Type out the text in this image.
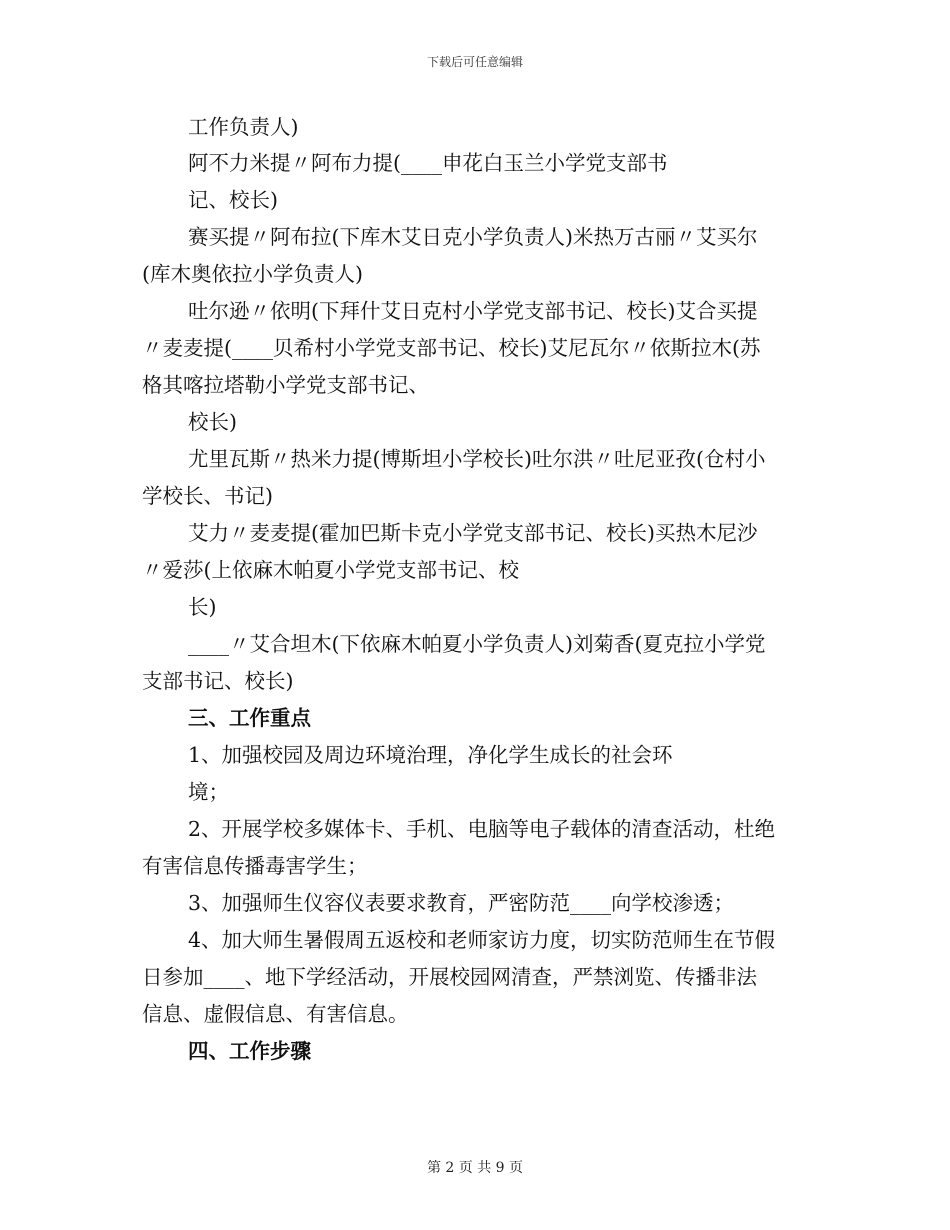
下载后可任意编辑
工作负责人)
阿不力米提〃阿布力提(____申花白玉兰小学党支部书
记、校长)
赛买提〃阿布拉(下库木艾日克小学负责人)米热万古丽〃艾买尔
(库木奥依拉小学负责人)
吐尔逊〃依明(下拜什艾日克村小学党支部书记、校长)艾合买提
〃麦麦提(____贝希村小学党支部书记、校长)艾尼瓦尔〃依斯拉木(苏
格其喀拉塔勒小学党支部书记、
校长)
尤里瓦斯〃热米力提(博斯坦小学校长)吐尔洪〃吐尼亚孜(仓村小
学校长、书记)
艾力〃麦麦提(霍加巴斯卡克小学党支部书记、校长)买热木尼沙
〃爱莎(上依麻木帕夏小学党支部书记、校
长)
____〃艾合坦木(下依麻木帕夏小学负责人)刘菊香(夏克拉小学党
支部书记、校长)
三、工作重点
1、加强校园及周边环境治理，净化学生成长的社会环
境；
2、开展学校多媒体卡、手机、电脑等电子载体的清查活动，杜绝
有害信息传播毒害学生；
3、加强师生仪容仪表要求教育，严密防范____向学校渗透；
4、加大师生暑假周五返校和老师家访力度，切实防范师生在节假
日参加____、地下学经活动，开展校园网清查，严禁浏览、传播非法
信息、虚假信息、有害信息。
四、工作步骤
第 2 页 共 9 页
